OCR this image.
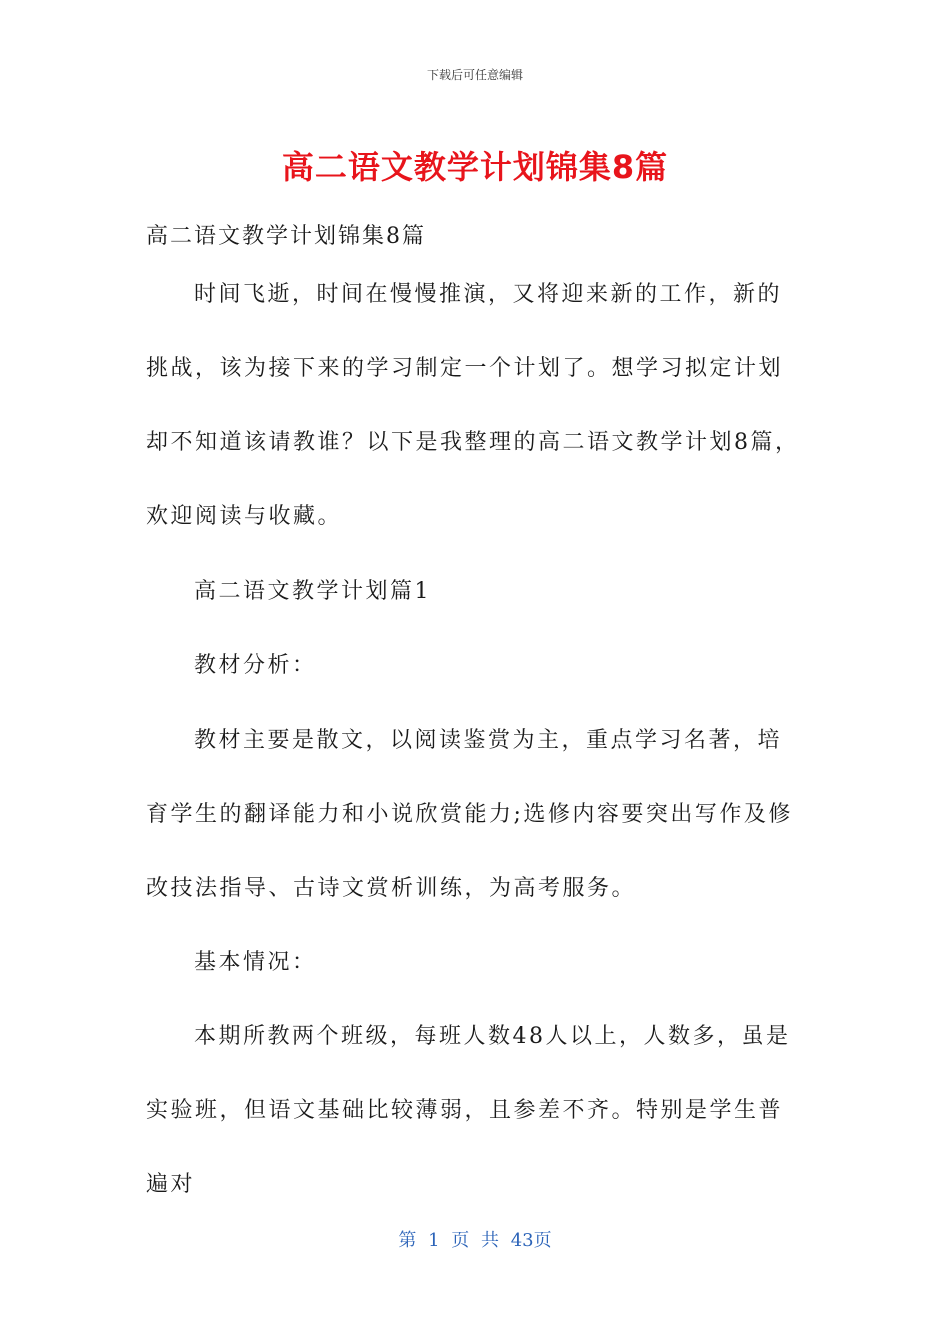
下载后可任意编辑
高二语文教学计划锦集8篇
高二语文教学计划锦集8篇

时间飞逝，时间在慢慢推演，又将迎来新的工作，新的挑战，该为接下来的学习制定一个计划了。想学习拟定计划却不知道该请教谁？以下是我整理的高二语文教学计划8篇，欢迎阅读与收藏。

高二语文教学计划篇1

教材分析：

教材主要是散文，以阅读鉴赏为主，重点学习名著，培育学生的翻译能力和小说欣赏能力;选修内容要突出写作及修改技法指导、古诗文赏析训练，为高考服务。

基本情况：

本期所教两个班级，每班人数48人以上，人数多，虽是实验班，但语文基础比较薄弱，且参差不齐。特别是学生普遍对

第 1 页 共 43页
